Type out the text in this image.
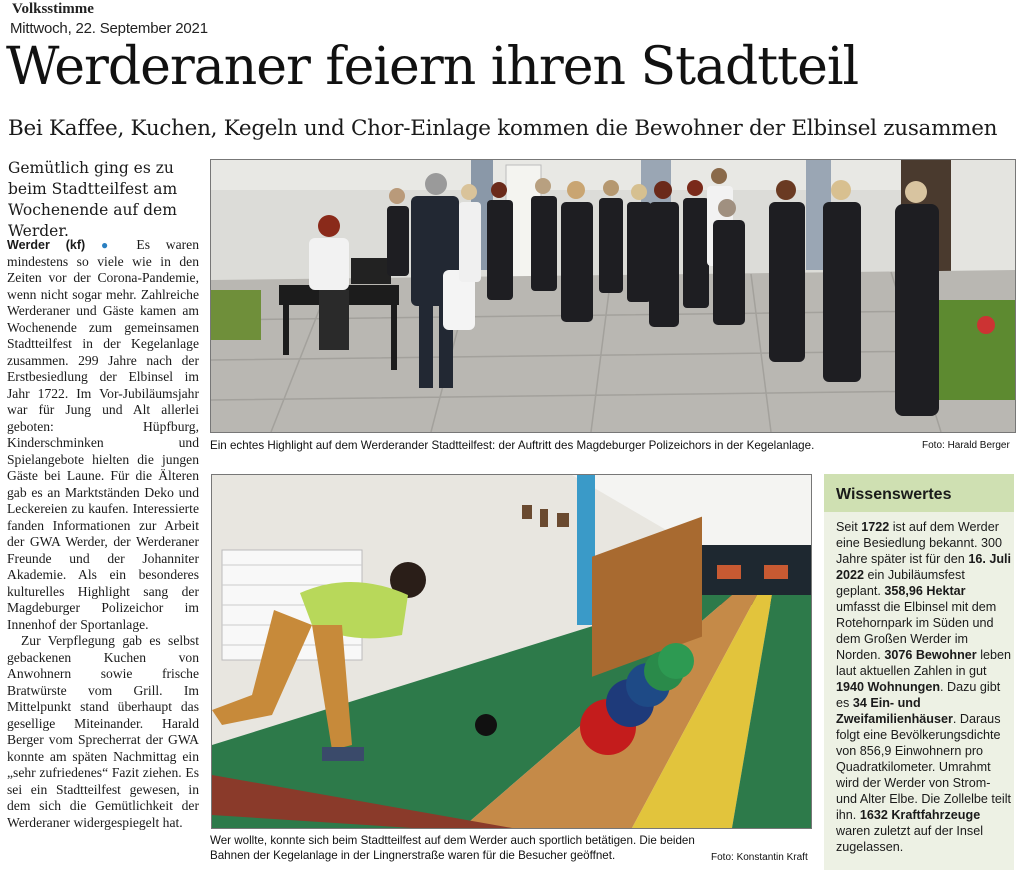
Volksstimme
Mittwoch, 22. September 2021
Werderaner feiern ihren Stadtteil
Bei Kaffee, Kuchen, Kegeln und Chor-Einlage kommen die Bewohner der Elbinsel zusammen

Gemütlich ging es zu beim Stadtteilfest am Wochenende auf dem Werder.

Werder (kf) ● Es waren mindestens so viele wie in den Zeiten vor der Corona-Pandemie, wenn nicht sogar mehr. Zahlreiche Werderaner und Gäste kamen am Wochenende zum gemeinsamen Stadtteilfest in der Kegelanlage zusammen. 299 Jahre nach der Erstbesiedlung der Elbinsel im Jahr 1722. Im Vor-Jubiläumsjahr war für Jung und Alt allerlei geboten: Hüpfburg, Kinderschminken und Spielangebote hielten die jungen Gäste bei Laune. Für die Älteren gab es an Marktständen Deko und Leckereien zu kaufen. Interessierte fanden Informationen zur Arbeit der GWA Werder, der Werderaner Freunde und der Johanniter Akademie. Als ein besonderes kulturelles Highlight sang der Magdeburger Polizeichor im Innenhof der Sportanlage.

Zur Verpflegung gab es selbst gebackenen Kuchen von Anwohnern sowie frische Bratwürste vom Grill. Im Mittelpunkt stand überhaupt das gesellige Miteinander. Harald Berger vom Sprecherrat der GWA konnte am späten Nachmittag ein „sehr zufriedenes“ Fazit ziehen. Es sei ein Stadtteilfest gewesen, in dem sich die Gemütlichkeit der Werderaner widergespiegelt hat.

Ein echtes Highlight auf dem Werderander Stadtteilfest: der Auftritt des Magdeburger Polizeichors in der Kegelanlage.	Foto: Harald Berger
Wer wollte, konnte sich beim Stadtteilfest auf dem Werder auch sportlich betätigen. Die beiden Bahnen der Kegelanlage in der Lingnerstraße waren für die Besucher geöffnet.	Foto: Konstantin Kraft
Wissenswertes
Seit 1722 ist auf dem Werder eine Besiedlung bekannt. 300 Jahre später ist für den 16. Juli 2022 ein Jubiläumsfest geplant. 358,96 Hektar umfasst die Elbinsel mit dem Rotehornpark im Süden und dem Großen Werder im Norden. 3076 Bewohner leben laut aktuellen Zahlen in gut 1940 Wohnungen. Dazu gibt es 34 Ein- und Zweifamilienhäuser. Daraus folgt eine Bevölkerungsdichte von 856,9 Einwohnern pro Quadratkilometer. Umrahmt wird der Werder von Strom- und Alter Elbe. Die Zollelbe teilt ihn. 1632 Kraftfahrzeuge waren zuletzt auf der Insel zugelassen.
